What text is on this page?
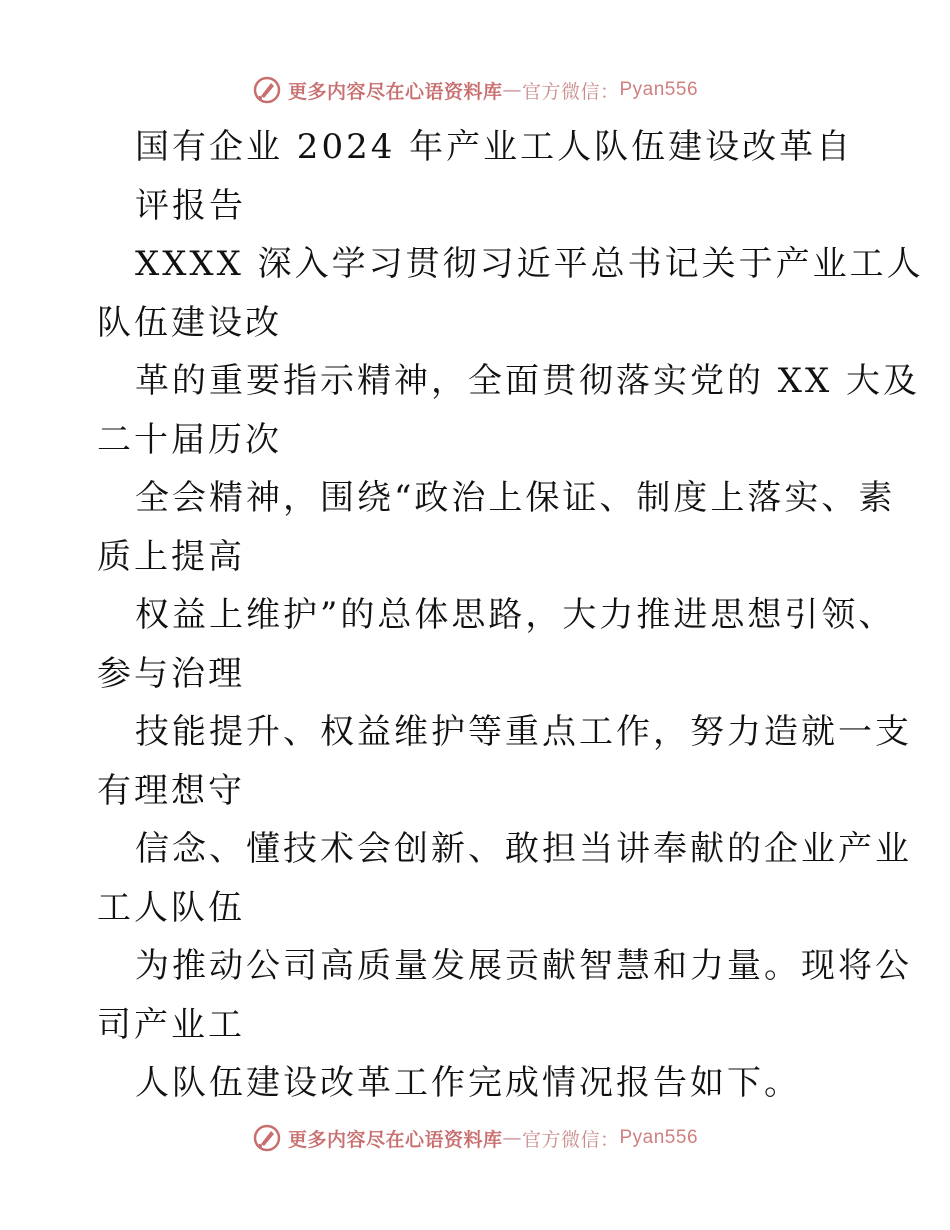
更多内容尽在心语资料库 — 官方微信： Pyan556
国有企业 2024 年产业工人队伍建设改革自
评报告
XXXX 深入学习贯彻习近平总书记关于产业工人
队伍建设改
革的重要指示精神，全面贯彻落实党的 XX 大及
二十届历次
全会精神，围绕“政治上保证、制度上落实、素
质上提高
权益上维护”的总体思路，大力推进思想引领、
参与治理
技能提升、权益维护等重点工作，努力造就一支
有理想守
信念、懂技术会创新、敢担当讲奉献的企业产业
工人队伍
为推动公司高质量发展贡献智慧和力量。现将公
司产业工
人队伍建设改革工作完成情况报告如下。
更多内容尽在心语资料库 — 官方微信： Pyan556
